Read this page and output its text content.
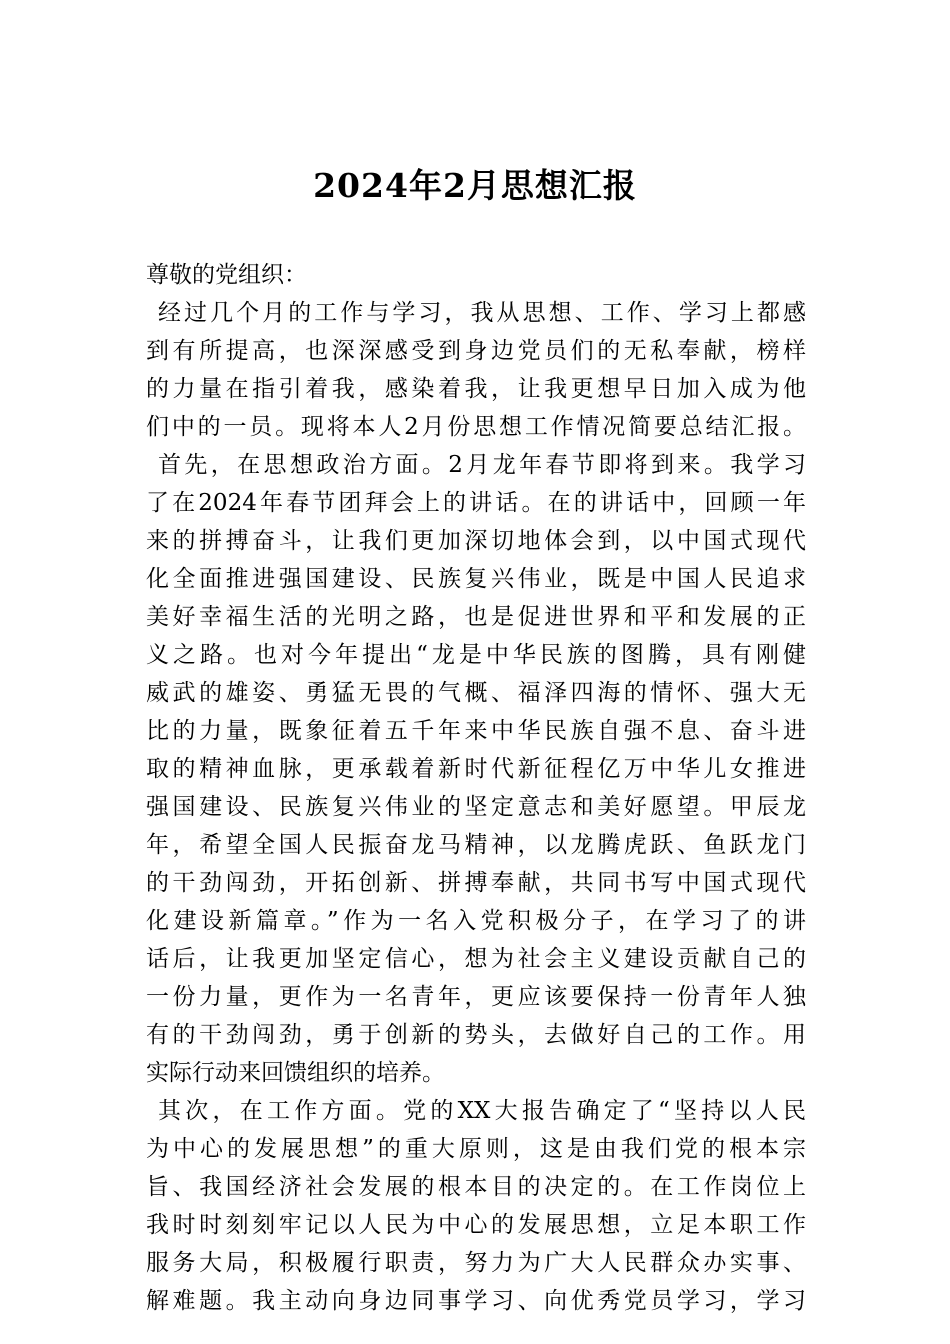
2024年2月思想汇报
尊敬的党组织：
经过几个月的工作与学习，我从思想、工作、学习上都感
到有所提高，也深深感受到身边党员们的无私奉献，榜样
的力量在指引着我，感染着我，让我更想早日加入成为他
们中的一员。现将本人2月份思想工作情况简要总结汇报。
首先，在思想政治方面。2月龙年春节即将到来。我学习
了在2024年春节团拜会上的讲话。在的讲话中，回顾一年
来的拼搏奋斗，让我们更加深切地体会到，以中国式现代
化全面推进强国建设、民族复兴伟业，既是中国人民追求
美好幸福生活的光明之路，也是促进世界和平和发展的正
义之路。也对今年提出“龙是中华民族的图腾，具有刚健
威武的雄姿、勇猛无畏的气概、福泽四海的情怀、强大无
比的力量，既象征着五千年来中华民族自强不息、奋斗进
取的精神血脉，更承载着新时代新征程亿万中华儿女推进
强国建设、民族复兴伟业的坚定意志和美好愿望。甲辰龙
年，希望全国人民振奋龙马精神，以龙腾虎跃、鱼跃龙门
的干劲闯劲，开拓创新、拼搏奉献，共同书写中国式现代
化建设新篇章。”作为一名入党积极分子，在学习了的讲
话后，让我更加坚定信心，想为社会主义建设贡献自己的
一份力量，更作为一名青年，更应该要保持一份青年人独
有的干劲闯劲，勇于创新的势头，去做好自己的工作。用
实际行动来回馈组织的培养。
其次，在工作方面。党的XX大报告确定了“坚持以人民
为中心的发展思想”的重大原则，这是由我们党的根本宗
旨、我国经济社会发展的根本目的决定的。在工作岗位上
我时时刻刻牢记以人民为中心的发展思想，立足本职工作
服务大局，积极履行职责，努力为广大人民群众办实事、
解难题。我主动向身边同事学习、向优秀党员学习，学习
